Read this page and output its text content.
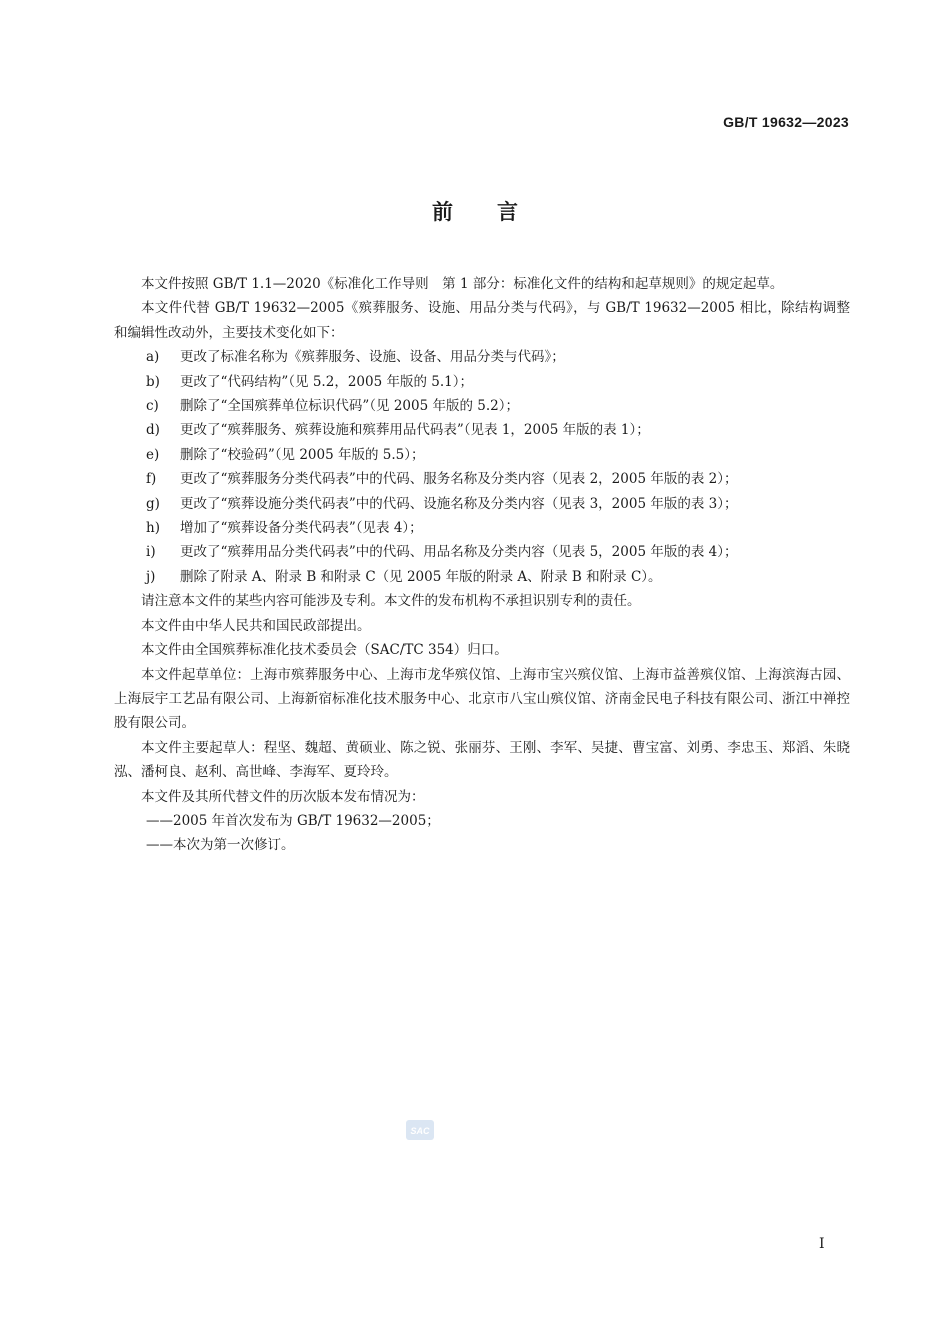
GB/T 19632—2023
前言

本文件按照 GB/T 1.1—2020《标准化工作导则　第 1 部分：标准化文件的结构和起草规则》的规定起草。

本文件代替 GB/T 19632—2005《殡葬服务、设施、用品分类与代码》，与 GB/T 19632—2005 相比，除结构调整和编辑性改动外，主要技术变化如下：

a)	更改了标准名称为《殡葬服务、设施、设备、用品分类与代码》；
b)	更改了“代码结构”（见 5.2，2005 年版的 5.1）；
c)	删除了“全国殡葬单位标识代码”（见 2005 年版的 5.2）；
d)	更改了“殡葬服务、殡葬设施和殡葬用品代码表”（见表 1，2005 年版的表 1）；
e)	删除了“校验码”（见 2005 年版的 5.5）；
f)	更改了“殡葬服务分类代码表”中的代码、服务名称及分类内容（见表 2，2005 年版的表 2）；
g)	更改了“殡葬设施分类代码表”中的代码、设施名称及分类内容（见表 3，2005 年版的表 3）；
h)	增加了“殡葬设备分类代码表”（见表 4）；
i)	更改了“殡葬用品分类代码表”中的代码、用品名称及分类内容（见表 5，2005 年版的表 4）；
j)	删除了附录 A、附录 B 和附录 C（见 2005 年版的附录 A、附录 B 和附录 C）。

请注意本文件的某些内容可能涉及专利。本文件的发布机构不承担识别专利的责任。

本文件由中华人民共和国民政部提出。

本文件由全国殡葬标准化技术委员会（SAC/TC 354）归口。

本文件起草单位：上海市殡葬服务中心、上海市龙华殡仪馆、上海市宝兴殡仪馆、上海市益善殡仪馆、上海滨海古园、上海辰宇工艺品有限公司、上海新宿标准化技术服务中心、北京市八宝山殡仪馆、济南金民电子科技有限公司、浙江中禅控股有限公司。

本文件主要起草人：程坚、魏超、黄硕业、陈之锐、张丽芬、王刚、李军、吴捷、曹宝富、刘勇、李忠玉、郑滔、朱晓泓、潘柯良、赵利、高世峰、李海军、夏玲玲。

本文件及其所代替文件的历次版本发布情况为：

——2005 年首次发布为 GB/T 19632—2005；

——本次为第一次修订。

SAC
I
